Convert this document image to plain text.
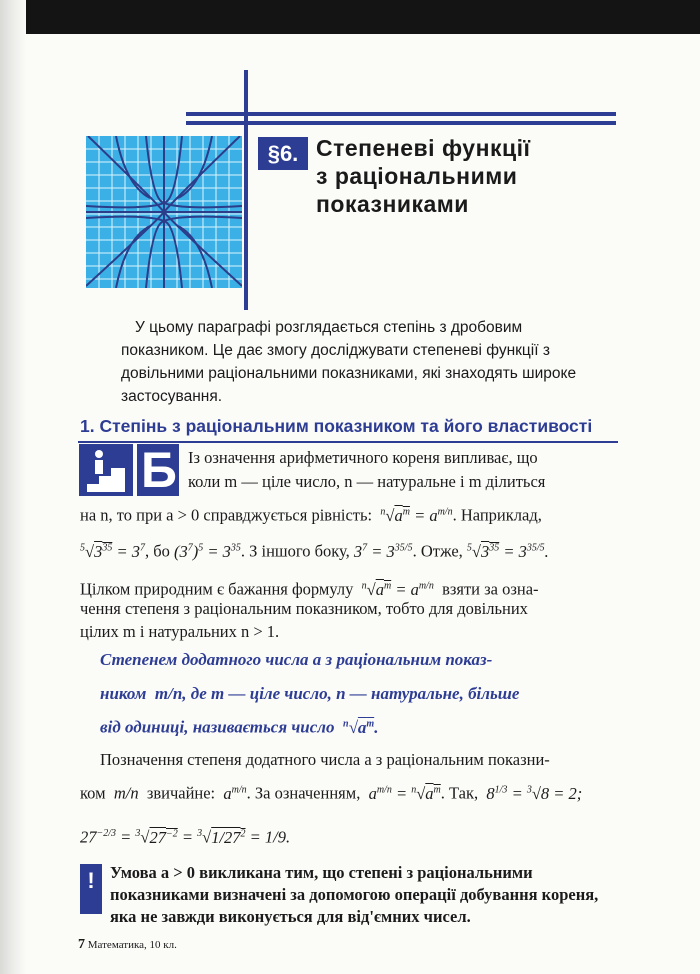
§6. Степеневі функції
з раціональними
показниками
У цьому параграфі розглядається степінь з дробовим показником. Це дає змогу досліджувати степеневі функції з довільними раціональними показниками, які знаходять широке застосування.
1. Степінь з раціональним показником та його властивості
Б Із означення арифметичного кореня випливає, що
коли m — ціле число, n — натуральне і m ділиться
на n, то при a > 0 справджується рівність: $^n√a^m = a^{m/n}$. Наприклад,
$^5√3^{35} = 3^7$, бо $(3^7)^5 = 3^{35}$. З іншого боку, $3^7 = 3^{35/5}$. Отже, $^5√3^{35} = 3^{35/5}$.
Цілком природним є бажання формулу $^n√a^m = a^{m/n}$ взяти за озна-
чення степеня з раціональним показником, тобто для довільних
цілих m і натуральних n > 1.
Степенем додатного числа a з раціональним показ-
ником  m/n, де m — ціле число, n — натуральне, більше
від одиниці, називається число $^n√a^m$.
Позначення степеня додатного числа a з раціональним показни-
ком  m/n  звичайне:  $a^{m/n}$. За означенням,  $a^{m/n} = ^n√a^m$. Так,  $8^{1/3} = ^3√8 = 2$;
$27^{-2/3} = ^3√27^{-2} = ^3√1/27^2 = 1/9$.
! Умова a > 0 викликана тим, що степені з раціональними показниками визначені за допомогою операції добування кореня, яка не завжди виконується для від'ємних чисел.
7 Математика, 10 кл.
